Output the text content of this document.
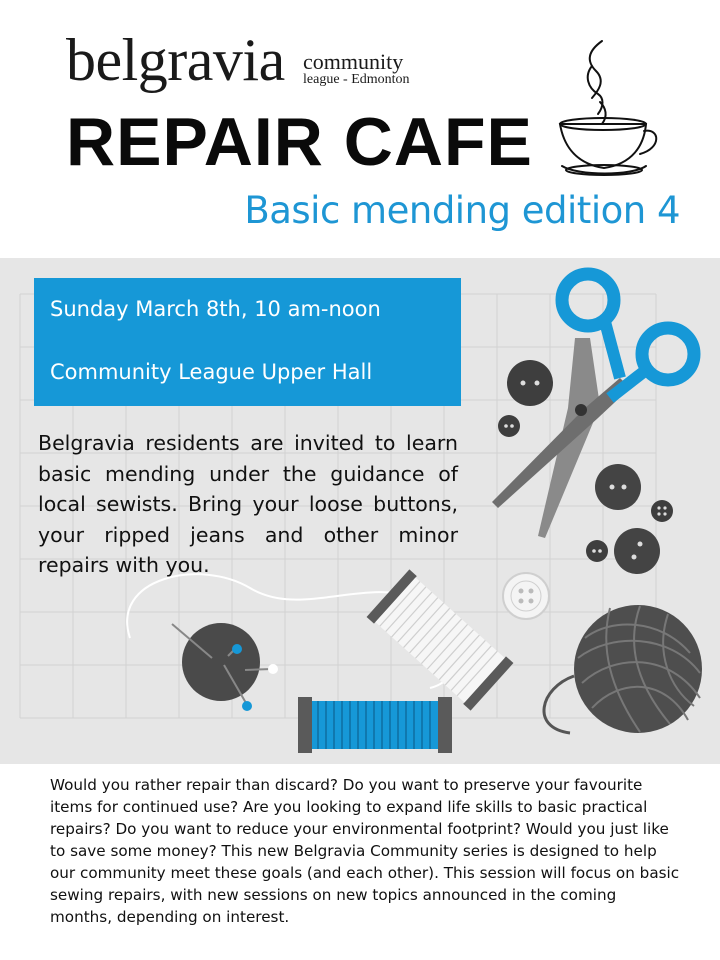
belgravia community
league - Edmonton
REPAIR CAFE
Basic mending edition 4
Sunday March 8th, 10 am-noon
Community League Upper Hall
Belgravia residents are invited to learn basic mending under the guidance of local sewists. Bring your loose buttons, your ripped jeans and other minor repairs with you.
Would you rather repair than discard? Do you want to preserve your favourite items for continued use? Are you looking to expand life skills to basic practical repairs? Do you want to reduce your environmental footprint? Would you just like to save some money? This new Belgravia Community series is designed to help our community meet these goals (and each other). This session will focus on basic sewing repairs, with new sessions on new topics announced in the coming months, depending on interest.
